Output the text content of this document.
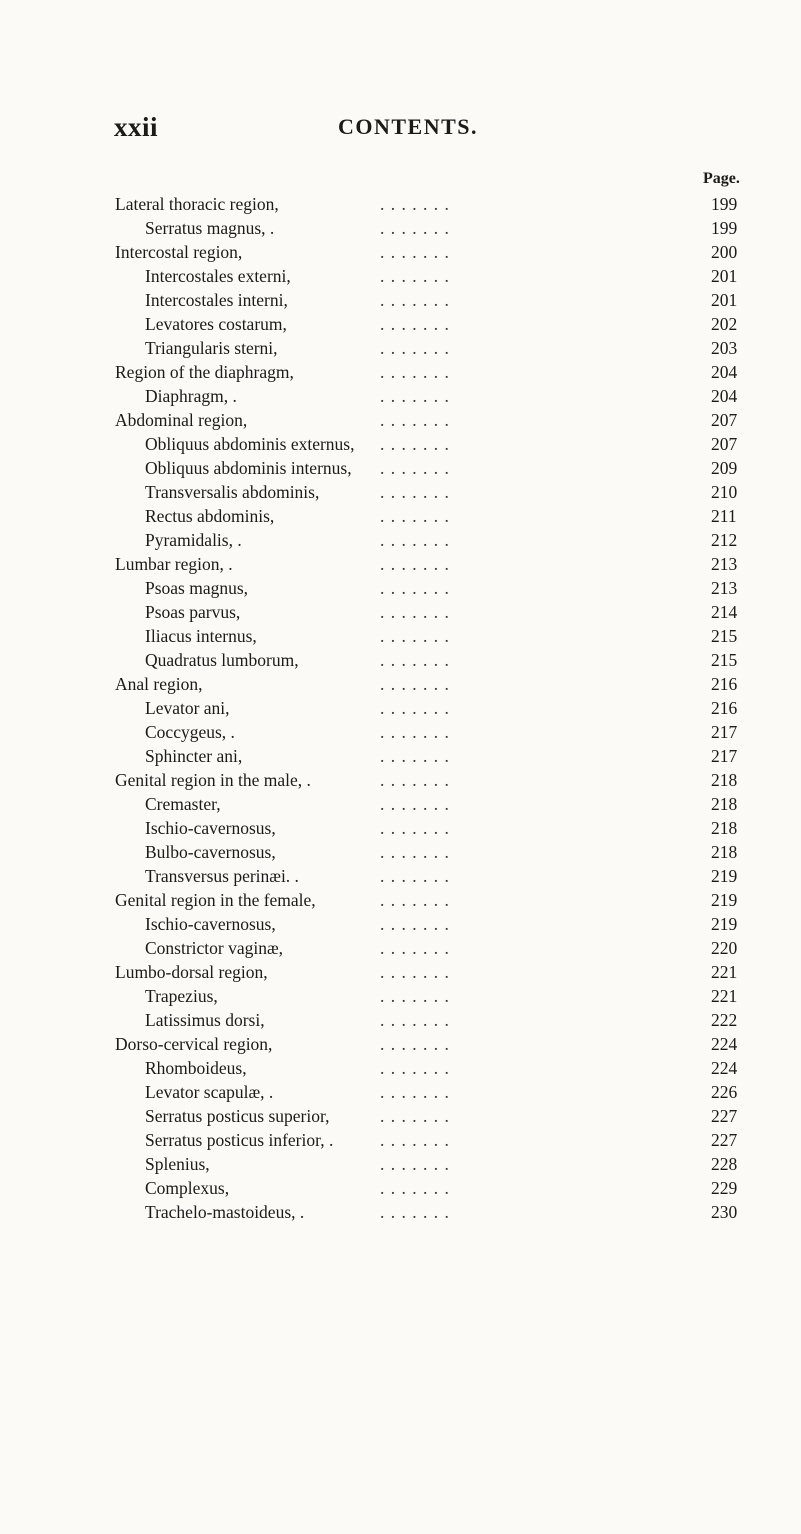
xxii	CONTENTS.
Page.
Lateral thoracic region,	. . . . . . .	199
Serratus magnus, .	. . . . . . .	199
Intercostal region,	. . . . . . .	200
Intercostales externi,	. . . . . . .	201
Intercostales interni,	. . . . . . .	201
Levatores costarum,	. . . . . . .	202
Triangularis sterni,	. . . . . . .	203
Region of the diaphragm,	. . . . . . .	204
Diaphragm, .	. . . . . . .	204
Abdominal region,	. . . . . . .	207
Obliquus abdominis externus, . . . . . . .	207
Obliquus abdominis internus, . . . . . . .	209
Transversalis abdominis,	. . . . . . .	210
Rectus abdominis,	. . . . . . .	211
Pyramidalis, .	. . . . . . .	212
Lumbar region, .	. . . . . . .	213
Psoas magnus,	. . . . . . .	213
Psoas parvus,	. . . . . . .	214
Iliacus internus,	. . . . . . .	215
Quadratus lumborum,	. . . . . . .	215
Anal region,	. . . . . . .	216
Levator ani,	. . . . . . .	216
Coccygeus, .	. . . . . . .	217
Sphincter ani,	. . . . . . .	217
Genital region in the male, .	. . . . . . .	218
Cremaster,	. . . . . . .	218
Ischio-cavernosus,	. . . . . . .	218
Bulbo-cavernosus,	. . . . . . .	218
Transversus perinæi. .	. . . . . . .	219
Genital region in the female,	. . . . . . .	219
Ischio-cavernosus,	. . . . . . .	219
Constrictor vaginæ,	. . . . . . .	220
Lumbo-dorsal region,	. . . . . . .	221
Trapezius,	. . . . . . .	221
Latissimus dorsi,	. . . . . . .	222
Dorso-cervical region,	. . . . . . .	224
Rhomboideus,	. . . . . . .	224
Levator scapulæ, .	. . . . . . .	226
Serratus posticus superior,	. . . . . . .	227
Serratus posticus inferior, .	. . . . . . .	227
Splenius,	. . . . . . .	228
Complexus,	. . . . . . .	229
Trachelo-mastoideus, .	. . . . . . .	230
